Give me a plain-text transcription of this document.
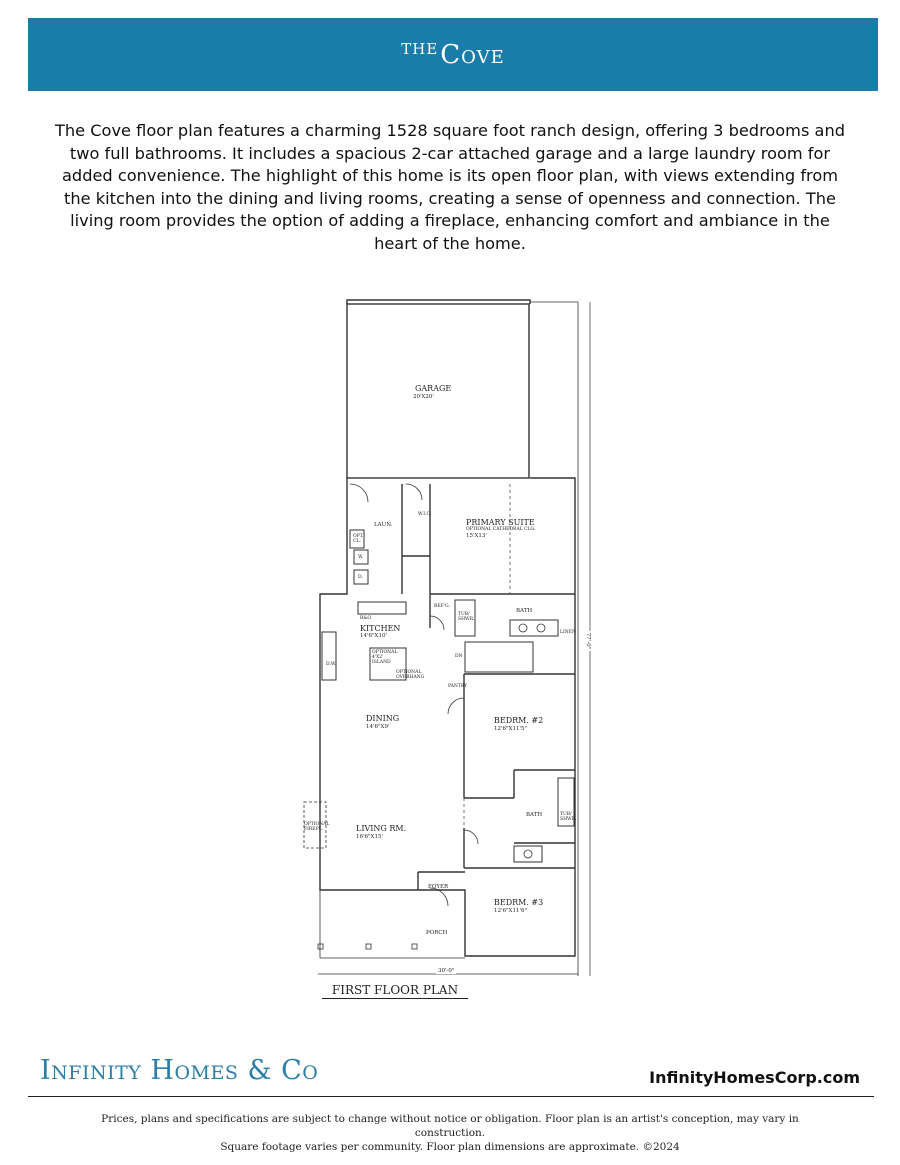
THECove
The Cove floor plan features a charming 1528 square foot ranch design, offering 3 bedrooms and two full bathrooms. It includes a spacious 2-car attached garage and a large laundry room for added convenience. The highlight of this home is its open floor plan, with views extending from the kitchen into the dining and living rooms, creating a sense of openness and connection. The living room provides the option of adding a fireplace, enhancing comfort and ambiance in the heart of the home.
GARAGE
20'X20'
PRIMARY SUITE
OPTIONAL CATHEDRAL CLG.
15'X13'
LAUN.
W.I.C.
OPT. CL.
W.
D.
R&O
KITCHEN
14'6"X10'
OPTIONAL 4'X2' ISLAND
OPTIONAL OVERHANG
D.W.
REF'G.
TUB/ SHWR.
BATH
LINEN
DN
PANTRY
DINING
14'6"X9'
BEDRM. #2
12'6"X11'5"
BATH	TUB/ SHWR.
OPTIONAL FIREPL.	LIVING RM.
16'6"X15'
FOYER
BEDRM. #3
12'6"X11'6"
PORCH
30'-0"
77'-0"
FIRST FLOOR PLAN
Infinity Homes & Co	InfinityHomesCorp.com
Prices, plans and specifications are subject to change without notice or obligation. Floor plan is an artist's conception, may vary in construction.
Square footage varies per community. Floor plan dimensions are approximate. ©2024
